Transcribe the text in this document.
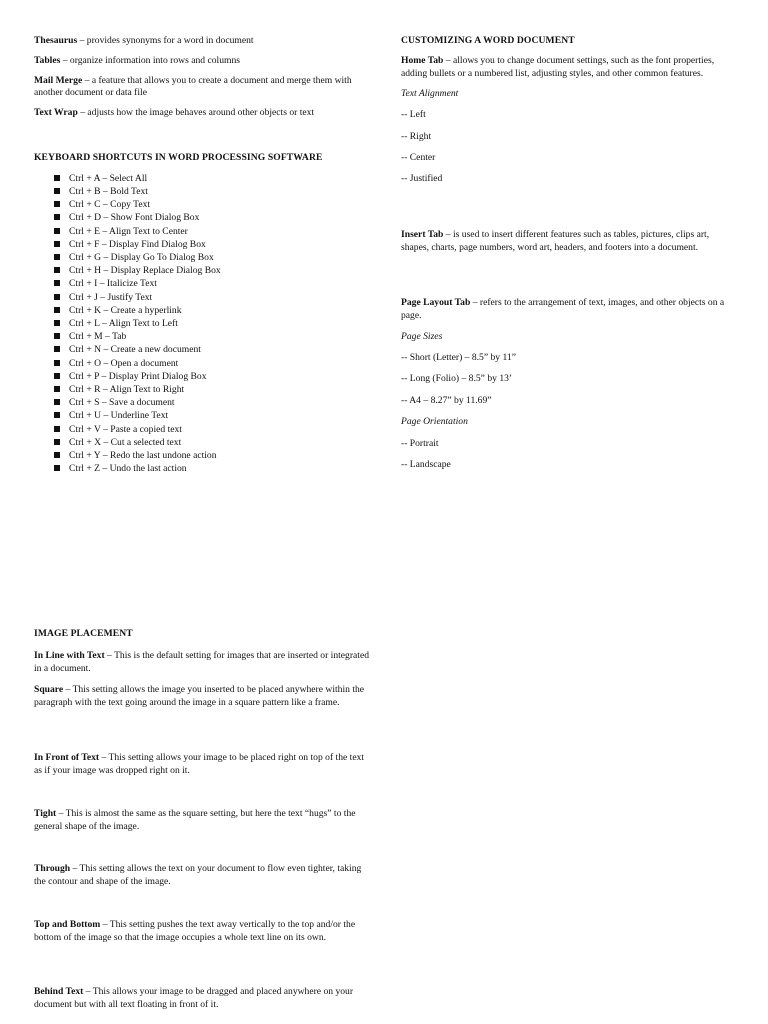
Thesaurus – provides synonyms for a word in document

Tables – organize information into rows and columns

Mail Merge – a feature that allows you to create a document and merge them with another document or data file

Text Wrap – adjusts how the image behaves around other objects or text

KEYBOARD SHORTCUTS IN WORD PROCESSING SOFTWARE

Ctrl + A – Select All
Ctrl + B – Bold Text
Ctrl + C – Copy Text
Ctrl + D – Show Font Dialog Box
Ctrl + E – Align Text to Center
Ctrl + F – Display Find Dialog Box
Ctrl + G – Display Go To Dialog Box
Ctrl + H – Display Replace Dialog Box
Ctrl + I – Italicize Text
Ctrl + J – Justify Text
Ctrl + K – Create a hyperlink
Ctrl + L – Align Text to Left
Ctrl + M – Tab
Ctrl + N – Create a new document
Ctrl + O – Open a document
Ctrl + P – Display Print Dialog Box
Ctrl + R – Align Text to Right
Ctrl + S – Save a document
Ctrl + U – Underline Text
Ctrl + V – Paste a copied text
Ctrl + X – Cut a selected text
Ctrl + Y – Redo the last undone action
Ctrl + Z – Undo the last action

CUSTOMIZING A WORD DOCUMENT

Home Tab – allows you to change document settings, such as the font properties, adding bullets or a numbered list, adjusting styles, and other common features.

Text Alignment

-- Left

-- Right

-- Center

-- Justified

Insert Tab – is used to insert different features such as tables, pictures, clips art, shapes, charts, page numbers, word art, headers, and footers into a document.

Page Layout Tab – refers to the arrangement of text, images, and other objects on a page.

Page Sizes

-- Short (Letter) – 8.5” by 11”

-- Long (Folio) – 8.5” by 13’

-- A4 – 8.27” by 11.69”

Page Orientation

-- Portrait

-- Landscape

IMAGE PLACEMENT

In Line with Text – This is the default setting for images that are inserted or integrated in a document.

Square – This setting allows the image you inserted to be placed anywhere within the paragraph with the text going around the image in a square pattern like a frame.

In Front of Text – This setting allows your image to be placed right on top of the text as if your image was dropped right on it.

Tight – This is almost the same as the square setting, but here the text “hugs” to the general shape of the image.

Through – This setting allows the text on your document to flow even tighter, taking the contour and shape of the image.

Top and Bottom – This setting pushes the text away vertically to the top and/or the bottom of the image so that the image occupies a whole text line on its own.

Behind Text – This allows your image to be dragged and placed anywhere on your document but with all text floating in front of it.
